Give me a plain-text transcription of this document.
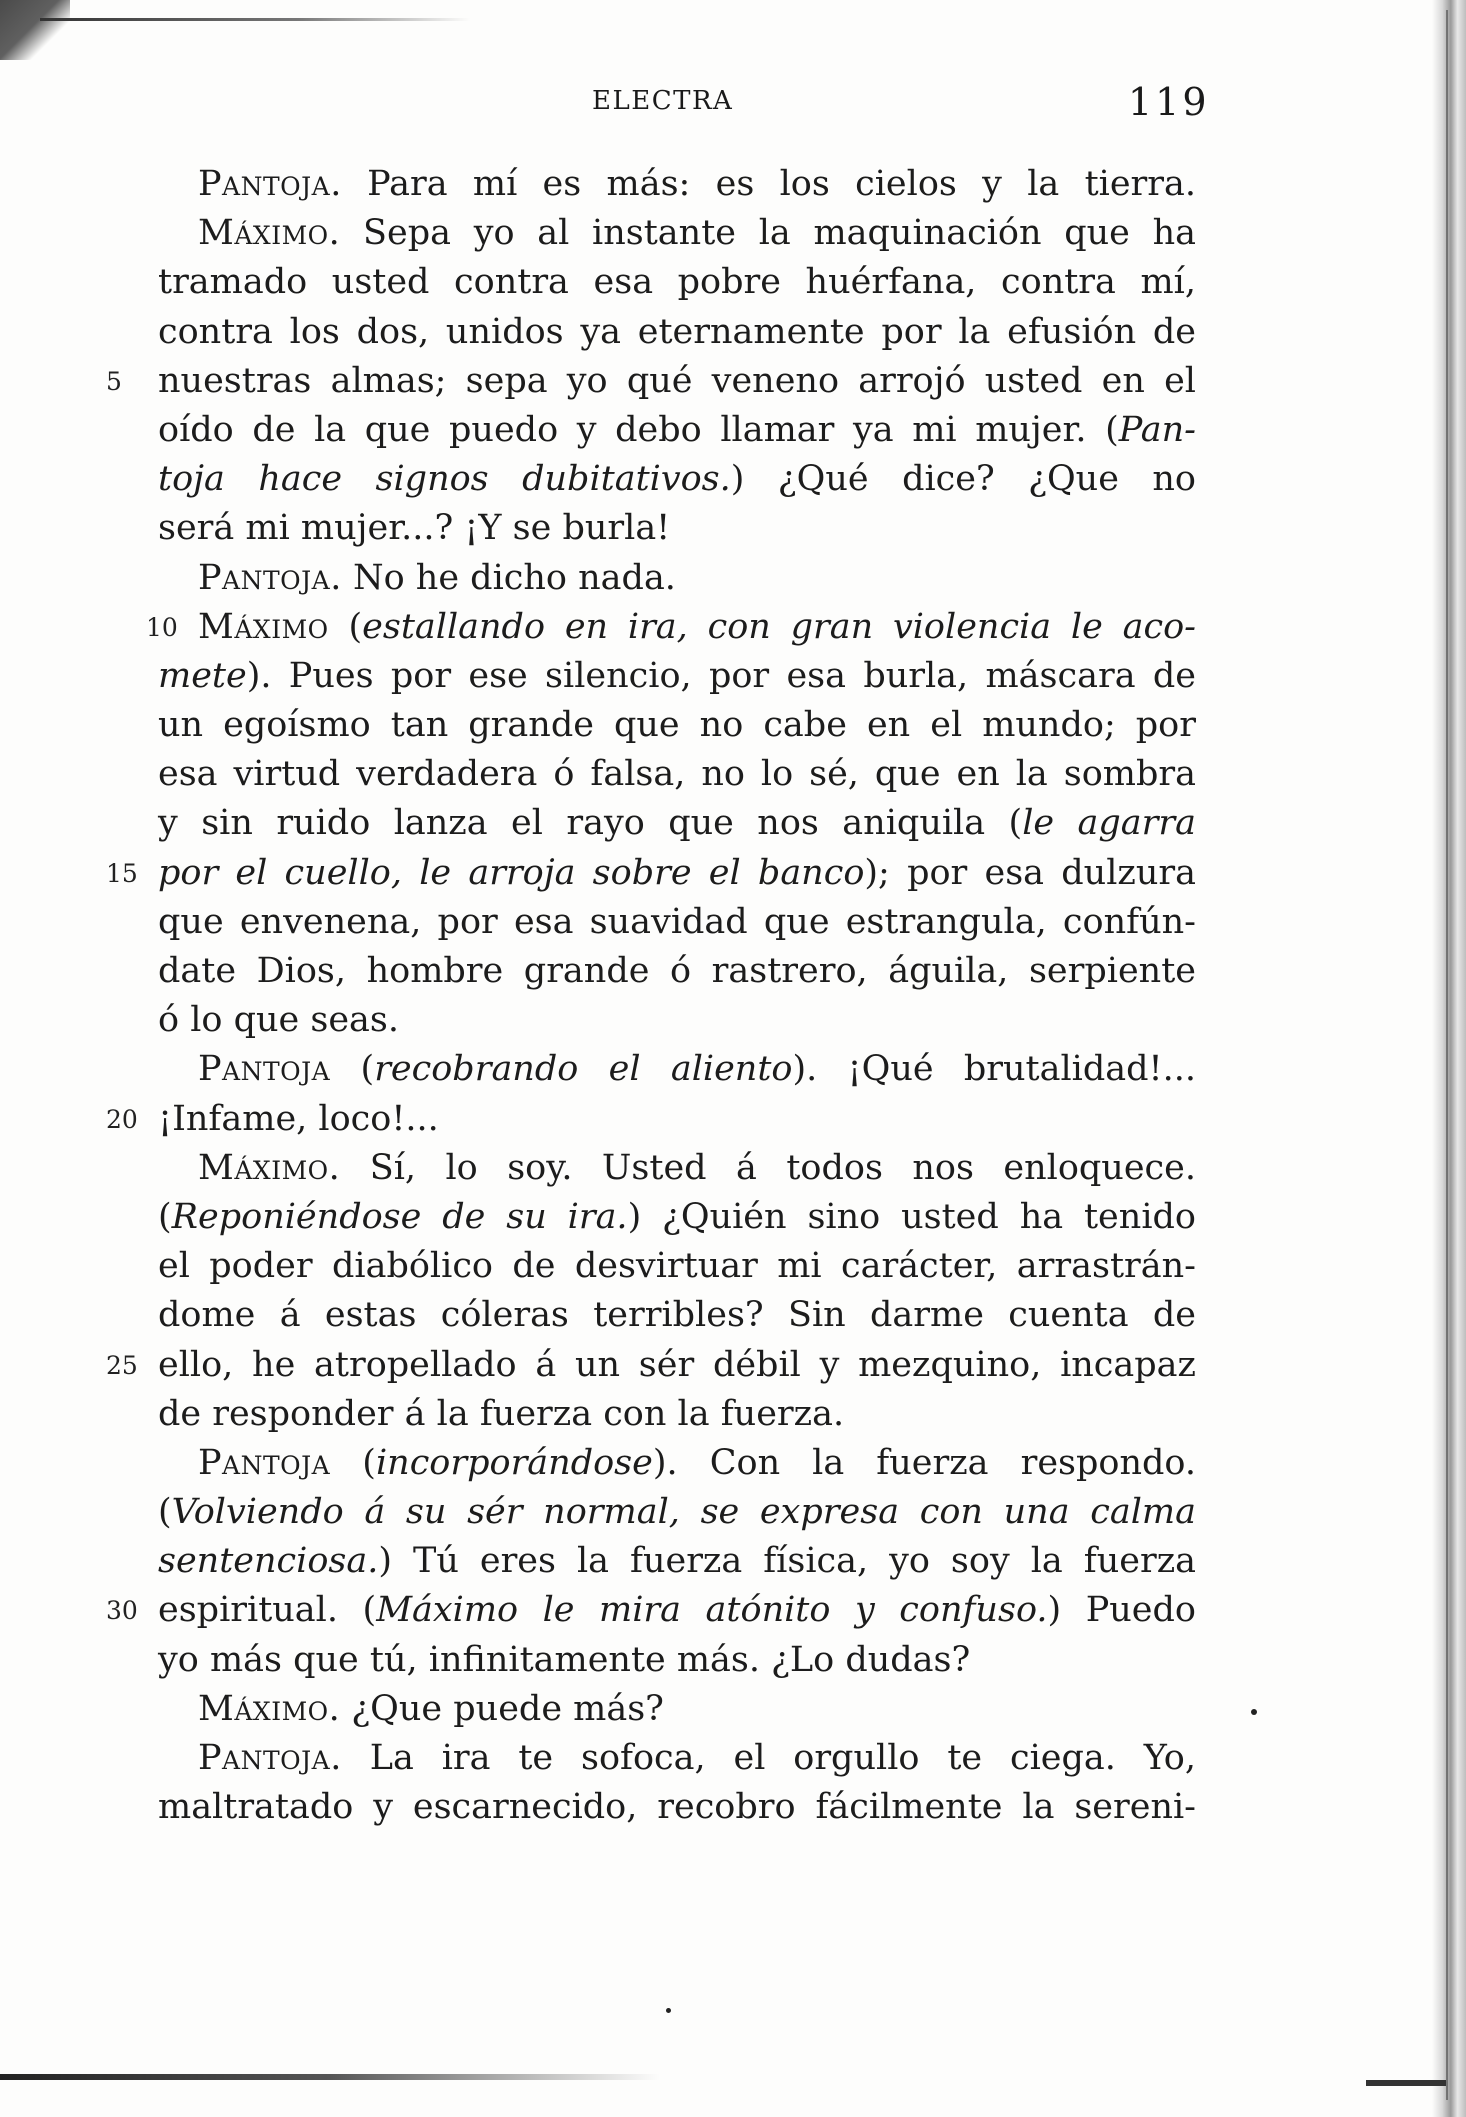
ELECTRA	119
Pantoja. Para mí es más: es los cielos y la tierra.
Máximo. Sepa yo al instante la maquinación que ha
tramado usted contra esa pobre huérfana, contra mí,
contra los dos, unidos ya eternamente por la efusión de
5	nuestras almas; sepa yo qué veneno arrojó usted en el
oído de la que puedo y debo llamar ya mi mujer. (Pan-
toja hace signos dubitativos.) ¿Qué dice? ¿Que no
será mi mujer...? ¡Y se burla!
Pantoja. No he dicho nada.
10 Máximo (estallando en ira, con gran violencia le aco-
mete). Pues por ese silencio, por esa burla, máscara de
un egoísmo tan grande que no cabe en el mundo; por
esa virtud verdadera ó falsa, no lo sé, que en la sombra
y sin ruido lanza el rayo que nos aniquila (le agarra
15 por el cuello, le arroja sobre el banco); por esa dulzura
que envenena, por esa suavidad que estrangula, confún-
date Dios, hombre grande ó rastrero, águila, serpiente
ó lo que seas.
Pantoja (recobrando el aliento). ¡Qué brutalidad!...
20 ¡Infame, loco!...
Máximo. Sí, lo soy. Usted á todos nos enloquece.
(Reponiéndose de su ira.) ¿Quién sino usted ha tenido
el poder diabólico de desvirtuar mi carácter, arrastrán-
dome á estas cóleras terribles? Sin darme cuenta de
25 ello, he atropellado á un sér débil y mezquino, incapaz
de responder á la fuerza con la fuerza.
Pantoja (incorporándose). Con la fuerza respondo.
(Volviendo á su sér normal, se expresa con una calma
sentenciosa.) Tú eres la fuerza física, yo soy la fuerza
30 espiritual. (Máximo le mira atónito y confuso.) Puedo
yo más que tú, infinitamente más. ¿Lo dudas?
Máximo. ¿Que puede más?
Pantoja. La ira te sofoca, el orgullo te ciega. Yo,
maltratado y escarnecido, recobro fácilmente la sereni-
